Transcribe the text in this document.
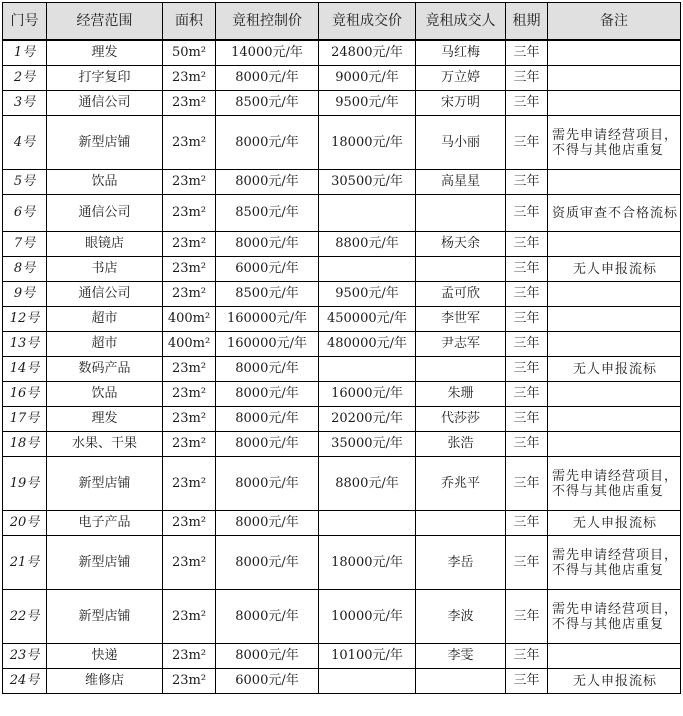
门号	经营范围	面积	竟租控制价	竟租成交价	竟租成交人	租期	备注
1号	理发	50m²	14000元/年	24800元/年	马红梅	三年	
2号	打字复印	23m²	8000元/年	9000元/年	万立婷	三年	
3号	通信公司	23m²	8500元/年	9500元/年	宋万明	三年	
4号	新型店铺	23m²	8000元/年	18000元/年	马小丽	三年	需先申请经营项目，不得与其他店重复
5号	饮品	23m²	8000元/年	30500元/年	高星星	三年	
6号	通信公司	23m²	8500元/年			三年	资质审查不合格流标
7号	眼镜店	23m²	8000元/年	8800元/年	杨天余	三年	
8号	书店	23m²	6000元/年			三年	无人申报流标
9号	通信公司	23m²	8500元/年	9500元/年	孟可欣	三年	
12号	超市	400m²	160000元/年	450000元/年	李世军	三年	
13号	超市	400m²	160000元/年	480000元/年	尹志军	三年	
14号	数码产品	23m²	8000元/年			三年	无人申报流标
16号	饮品	23m²	8000元/年	16000元/年	朱珊	三年	
17号	理发	23m²	8000元/年	20200元/年	代莎莎	三年	
18号	水果、干果	23m²	8000元/年	35000元/年	张浩	三年	
19号	新型店铺	23m²	8000元/年	8800元/年	乔兆平	三年	需先申请经营项目，不得与其他店重复
20号	电子产品	23m²	8000元/年			三年	无人申报流标
21号	新型店铺	23m²	8000元/年	18000元/年	李岳	三年	需先申请经营项目，不得与其他店重复
22号	新型店铺	23m²	8000元/年	10000元/年	李波	三年	需先申请经营项目，不得与其他店重复
23号	快递	23m²	8000元/年	10100元/年	李雯	三年	
24号	维修店	23m²	6000元/年			三年	无人申报流标
